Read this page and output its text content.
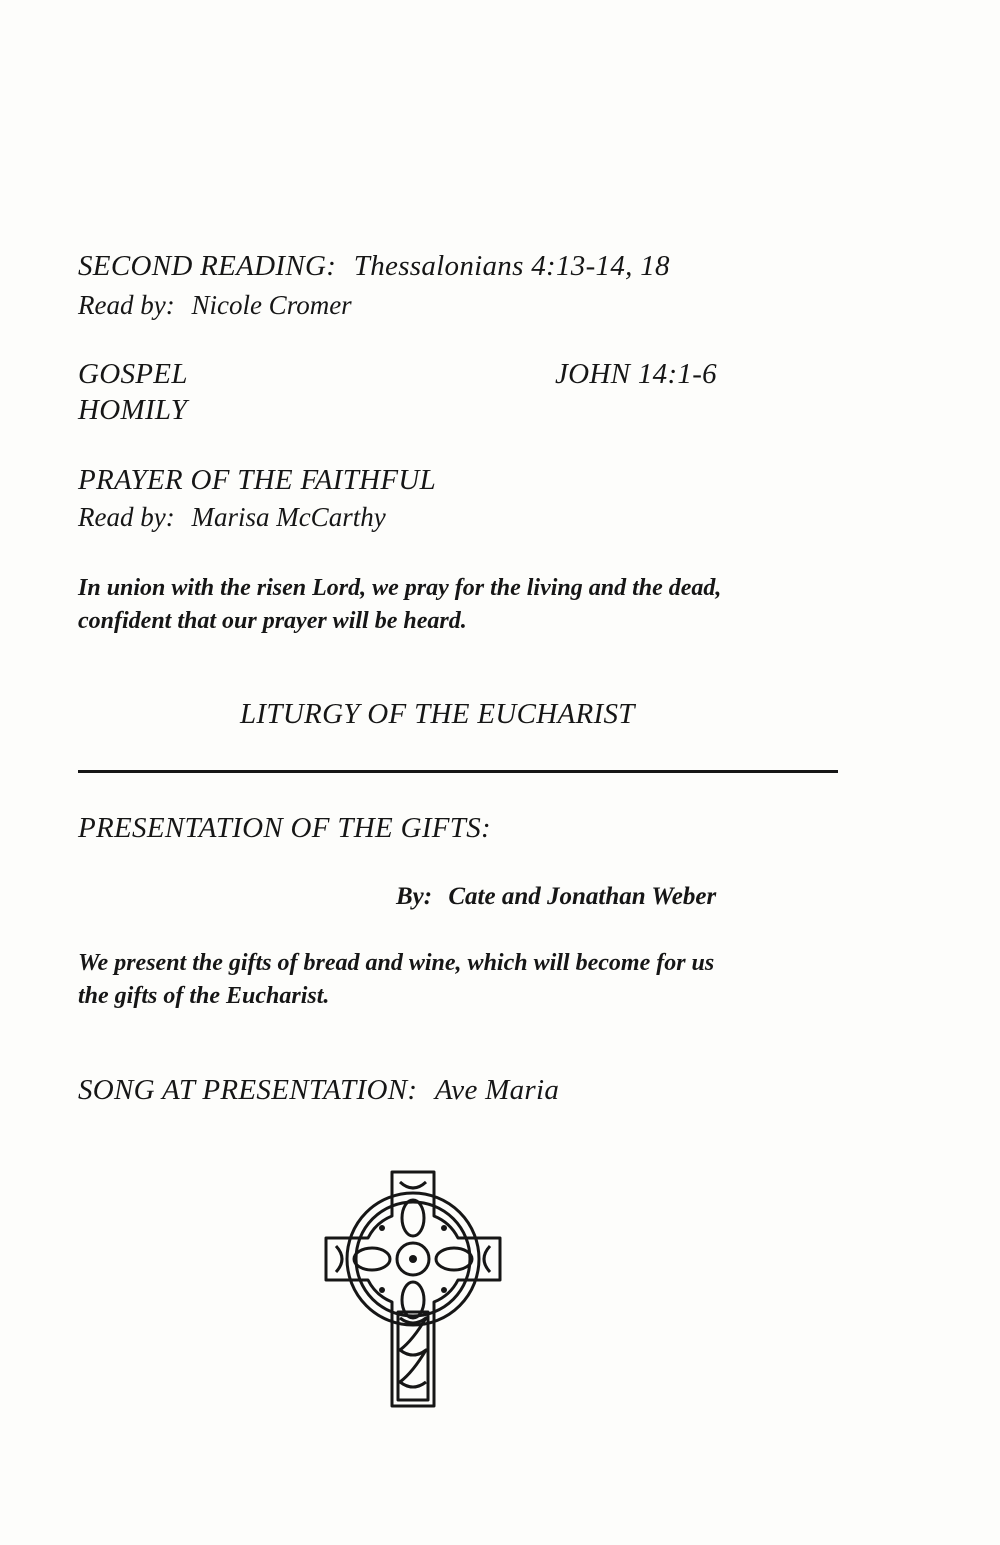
SECOND READING: Thessalonians 4:13-14, 18
Read by: Nicole Cromer
GOSPEL	JOHN 14:1-6
HOMILY
PRAYER OF THE FAITHFUL
Read by: Marisa McCarthy
In union with the risen Lord, we pray for the living and the dead,
confident that our prayer will be heard.
LITURGY OF THE EUCHARIST
PRESENTATION OF THE GIFTS:
By: Cate and Jonathan Weber
We present the gifts of bread and wine, which will become for us
the gifts of the Eucharist.
SONG AT PRESENTATION: Ave Maria
